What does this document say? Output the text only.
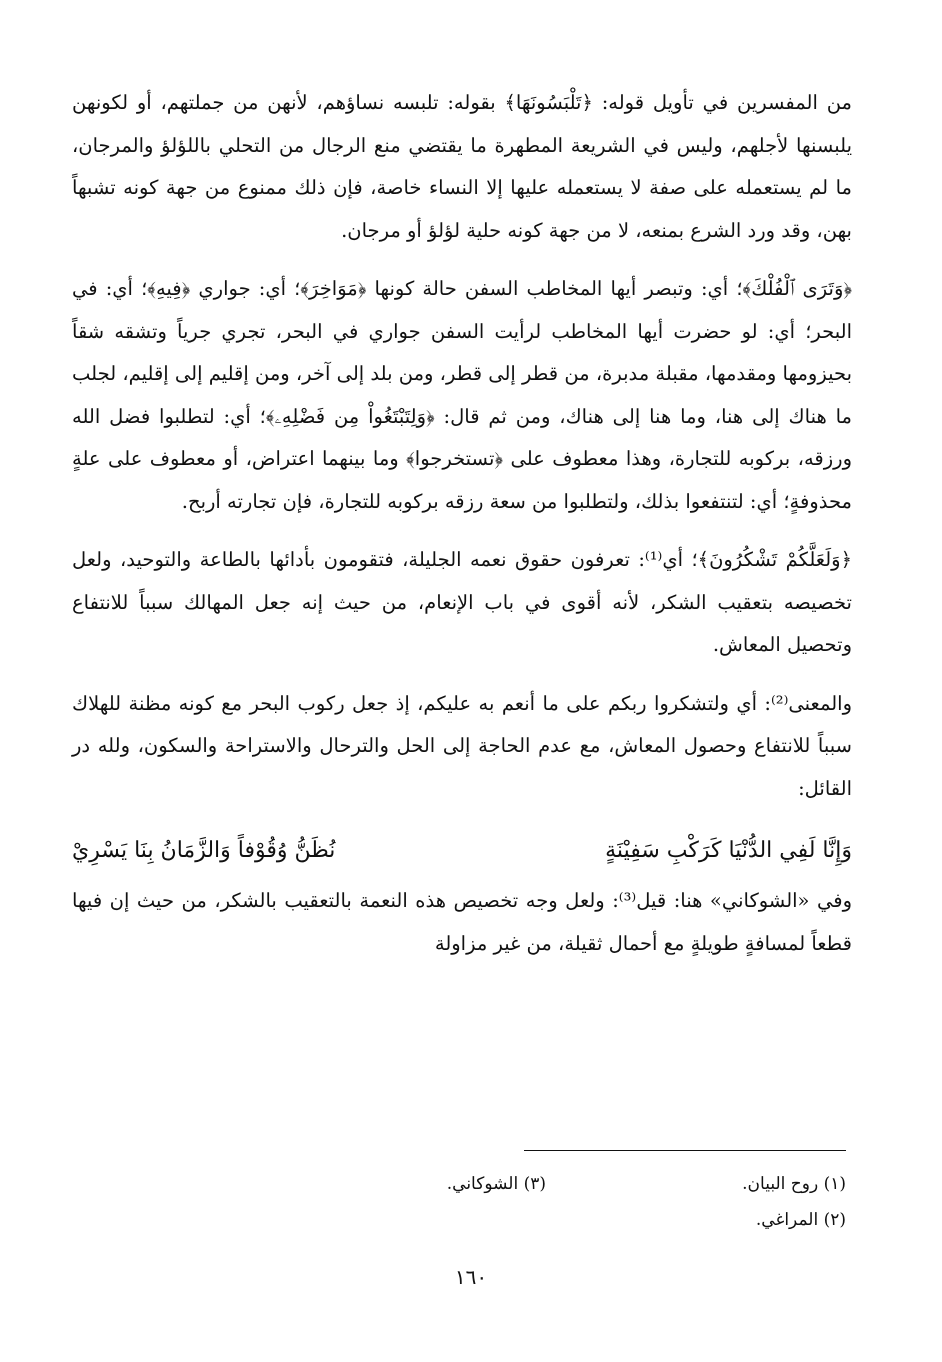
من المفسرين في تأويل قوله: ﴿تَلْبَسُونَهَا﴾ بقوله: تلبسه نساؤهم، لأنهن من جملتهم، أو لكونهن يلبسنها لأجلهم، وليس في الشريعة المطهرة ما يقتضي منع الرجال من التحلي باللؤلؤ والمرجان، ما لم يستعمله على صفة لا يستعمله عليها إلا النساء خاصة، فإن ذلك ممنوع من جهة كونه تشبهاً بهن، وقد ورد الشرع بمنعه، لا من جهة كونه حلية لؤلؤ أو مرجان.

﴿وَتَرَى ٱلْفُلْكَ﴾؛ أي: وتبصر أيها المخاطب السفن حالة كونها ﴿مَوَاخِرَ﴾؛ أي: جواري ﴿فِيهِ﴾؛ أي: في البحر؛ أي: لو حضرت أيها المخاطب لرأيت السفن جواري في البحر، تجري جرياً وتشقه شقاً بحيزومها ومقدمها، مقبلة مدبرة، من قطر إلى قطر، ومن بلد إلى آخر، ومن إقليم إلى إقليم، لجلب ما هناك إلى هنا، وما هنا إلى هناك، ومن ثم قال: ﴿وَلِتَبْتَغُواْ مِن فَضْلِهِۦ﴾؛ أي: لتطلبوا فضل الله ورزقه، بركوبه للتجارة، وهذا معطوف على ﴿تستخرجوا﴾ وما بينهما اعتراض، أو معطوف على علةٍ محذوفةٍ؛ أي: لتنتفعوا بذلك، ولتطلبوا من سعة رزقه بركوبه للتجارة، فإن تجارته أربح.

﴿وَلَعَلَّكُمْ تَشْكُرُونَ﴾؛ أي⁽¹⁾: تعرفون حقوق نعمه الجليلة، فتقومون بأدائها بالطاعة والتوحيد، ولعل تخصيصه بتعقيب الشكر، لأنه أقوى في باب الإنعام، من حيث إنه جعل المهالك سبباً للانتفاع وتحصيل المعاش.

والمعنى⁽²⁾: أي ولتشكروا ربكم على ما أنعم به عليكم، إذ جعل ركوب البحر مع كونه مظنة للهلاك سبباً للانتفاع وحصول المعاش، مع عدم الحاجة إلى الحل والترحال والاستراحة والسكون، ولله در القائل:

وَإِنَّا لَفِي الدُّنْيَا كَرَكْبِ سَفِيْنَةٍ
نُظَنُّ وُقُوْفاً وَالزَّمَانُ بِنَا يَسْرِيْ

وفي «الشوكاني» هنا: قيل⁽³⁾: ولعل وجه تخصيص هذه النعمة بالتعقيب بالشكر، من حيث إن فيها قطعاً لمسافةٍ طويلةٍ مع أحمال ثقيلة، من غير مزاولة

(١) روح البيان.
(٣) الشوكاني.
(٢) المراغي.
١٦٠
